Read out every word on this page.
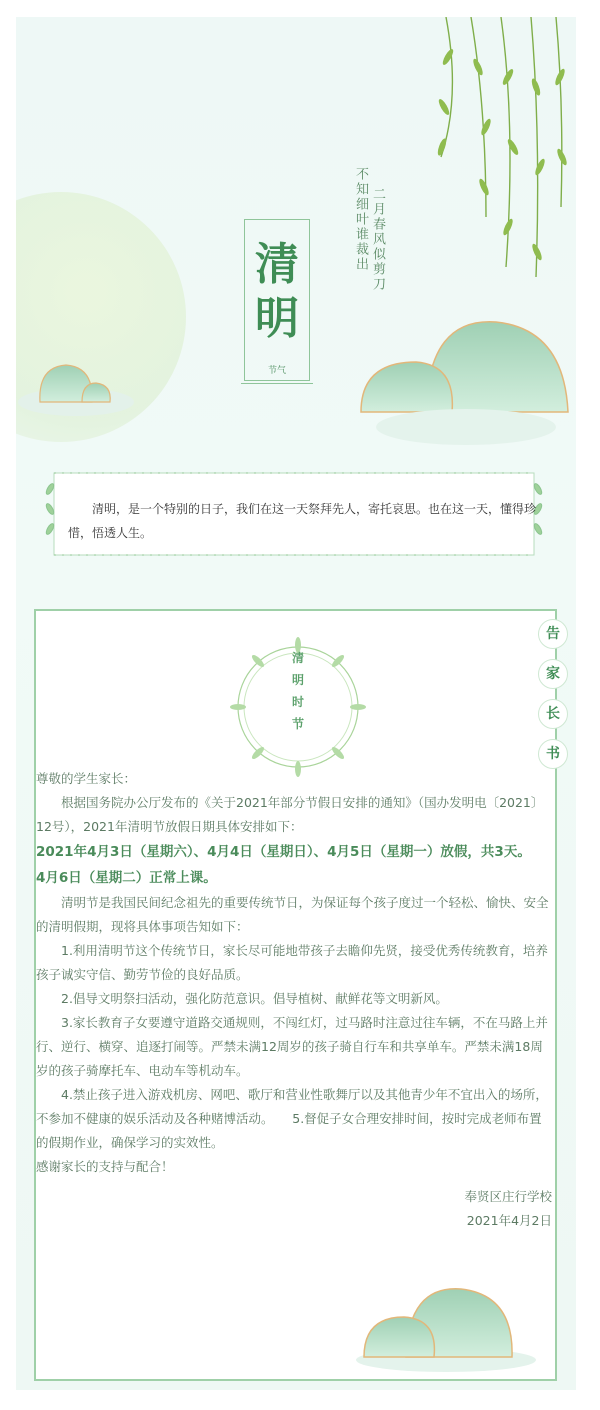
不知细叶谁裁出 二月春风似剪刀
清
明
节气
清明，是一个特别的日子，我们在这一天祭拜先人，寄托哀思。也在这一天，懂得珍惜，悟透人生。
告
家
长
书
清
明
时
节

尊敬的学生家长：

根据国务院办公厅发布的《关于2021年部分节假日安排的通知》（国办发明电〔2021〕12号），2021年清明节放假日期具体安排如下：

2021年4月3日（星期六）、4月4日（星期日）、4月5日（星期一）放假，共3天。

4月6日（星期二）正常上课。

清明节是我国民间纪念祖先的重要传统节日，为保证每个孩子度过一个轻松、愉快、安全的清明假期，现将具体事项告知如下：

1.利用清明节这个传统节日，家长尽可能地带孩子去瞻仰先贤，接受优秀传统教育，培养孩子诚实守信、勤劳节俭的良好品质。

2.倡导文明祭扫活动，强化防范意识。倡导植树、献鲜花等文明新风。

3.家长教育子女要遵守道路交通规则，不闯红灯，过马路时注意过往车辆，不在马路上并行、逆行、横穿、追逐打闹等。严禁未满12周岁的孩子骑自行车和共享单车。严禁未满18周岁的孩子骑摩托车、电动车等机动车。

4.禁止孩子进入游戏机房、网吧、歌厅和营业性歌舞厅以及其他青少年不宜出入的场所，不参加不健康的娱乐活动及各种赌博活动。　　5.督促子女合理安排时间，按时完成老师布置的假期作业，确保学习的实效性。

感谢家长的支持与配合！

奉贤区庄行学校

2021年4月2日
